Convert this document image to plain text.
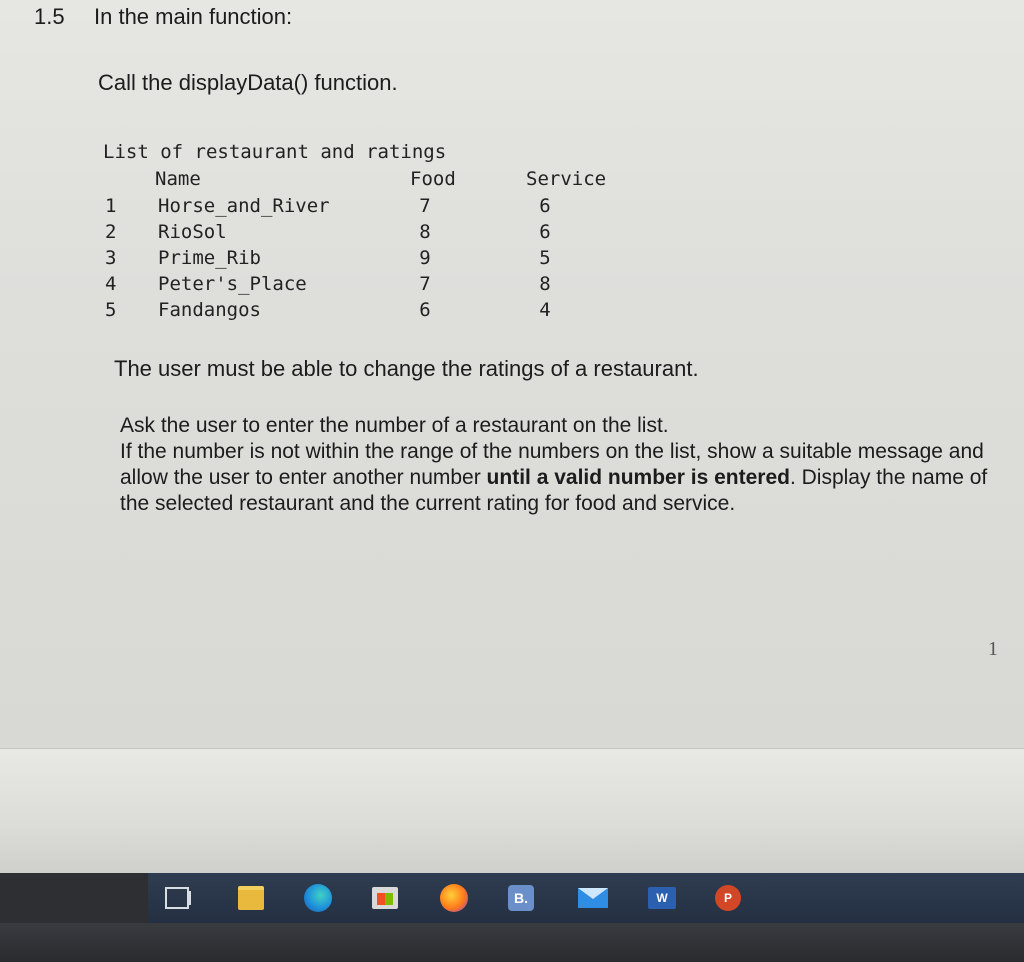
1.5 In the main function:
Call the displayData() function.
List of restaurant and ratings
Name	Food	Service
1 Horse_and_River	7	6
2 RioSol	8	6
3 Prime_Rib	9	5
4 Peter's_Place	7	8
5 Fandangos	6	4
The user must be able to change the ratings of a restaurant.
Ask the user to enter the number of a restaurant on the list.
If the number is not within the range of the numbers on the list, show a suitable message and allow the user to enter another number until a valid number is entered. Display the name of the selected restaurant and the current rating for food and service.
1
B.	W	P
